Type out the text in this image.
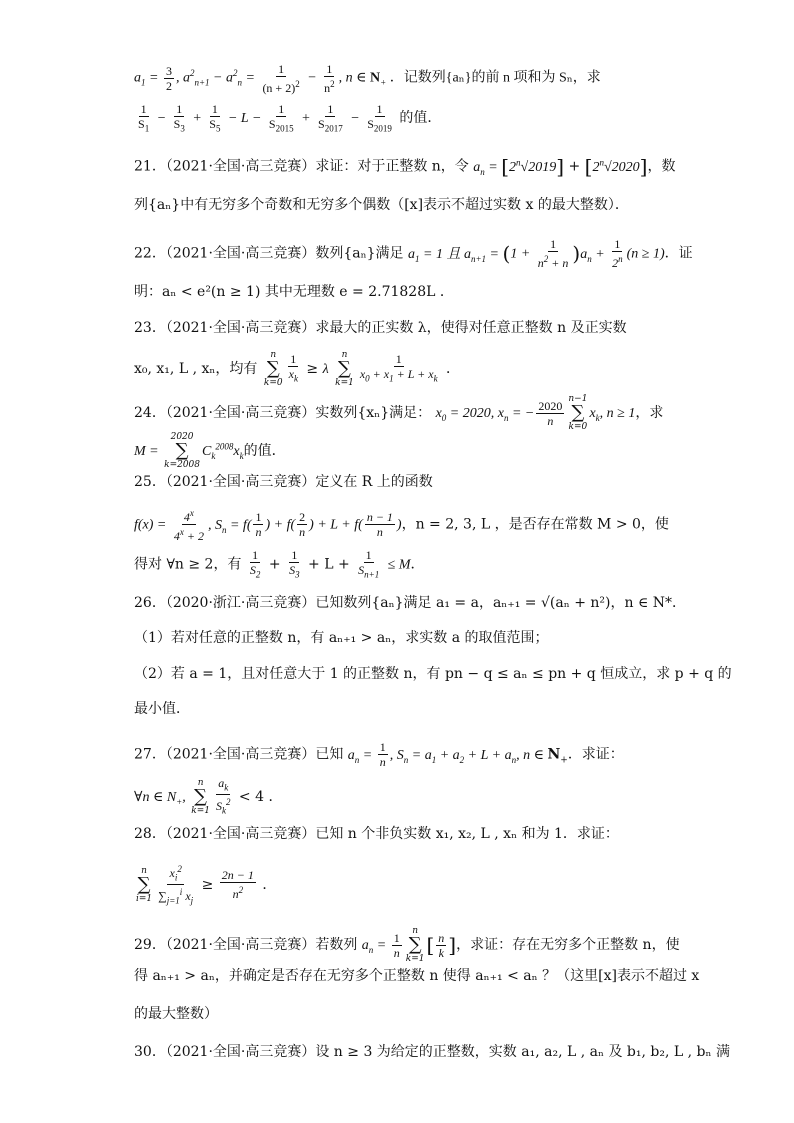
$a_1 = \frac{3}{2}$ , $a^2_{n+1} - a^2_n = \frac{1}{(n + 2)^2} - \frac{1}{n^2}$ , n ∈ $N_+$ ．记数列{aₙ}的前 n 项和为 Sₙ，求
$\frac{1}{S_1} - \frac{1}{S_3} + \frac{1}{S_5} - L - \frac{1}{S_{2015}} + \frac{1}{S_{2017}} - \frac{1}{S_{2019}}$ 的值．
21．（2021·全国·高三竞赛）求证：对于正整数 n，令 $a_n = [2^n√2019] + [2^n√2020]$，数
列{aₙ}中有无穷多个奇数和无穷多个偶数（[x]表示不超过实数 x 的最大整数）．
22．（2021·全国·高三竞赛）数列{aₙ}满足 $a_1 = 1$ 且 $a_{n+1} = (1 + \frac{1}{n^2 + n} )a_n + \frac{1}{2^n} (n \ge 1)$．证
明：aₙ < e²(n ≥ 1) 其中无理数 e = 2.71828L ．
23．（2021·全国·高三竞赛）求最大的正实数 λ，使得对任意正整数 n 及正实数
x₀, x₁, L , xₙ，均有
n
∑
$k=0 \frac{1}{x_k} \ge \lambda$
n
∑
$k=1 \frac{1}{x_0 + x_1 + L + x_k}$ ．
24．（2021·全国·高三竞赛）实数列{xₙ}满足： $x_0 = 2020$, $x_n$ = − $\frac{2020}{n} n-1$
∑
k=0
$x_k$, n ≥ 1，求
M =
2020
∑
k=2008
$C_k^{2008}x_k$的值．
25．（2021·全国·高三竞赛）定义在 R 上的函数
$f(x) = \frac{4^x}{4^x + 2}$ , $S_n = f( \frac{1}{n}$ ) + $f( \frac{2}{n}$ ) + $L + f( \frac{n - 1}{n}$ )，n = 2, 3, L ，是否存在常数 M > 0，使
得对 ∀n ≥ 2，有 $\frac{1}{S_2} + \frac{1}{S_3} + L + \frac{1}{S_{n+1}} \le M$．
26．（2020·浙江·高三竞赛）已知数列{aₙ}满足 a₁ = a，aₙ₊₁ = √(aₙ + n²)，n ∈ N*．
（1）若对任意的正整数 n，有 aₙ₊₁ > aₙ，求实数 a 的取值范围；
（2）若 a = 1，且对任意大于 1 的正整数 n，有 pn − q ≤ aₙ ≤ pn + q 恒成立，求 p + q 的
最小值．
27．（2021·全国·高三竞赛）已知 $a_n = \frac{1}{n}$ , $S_n = a_1 + a_2 + L + a_n$, n ∈ $N_+$．求证：
∀n ∈ $N_+$,
n
∑
$k=1 \frac{a_k}{S_k^2} < 4$ ．
28．（2021·全国·高三竞赛）已知 n 个非负实数 x₁, x₂, L , xₙ 和为 1．求证：
n
∑
$i=1 \frac{x_i^2}{\sum_{j=1}^i x_j} \ge \frac{2n - 1}{n^2}$ ．
29．（2021·全国·高三竞赛）若数列 $a_n = \frac{1}{n}$ n
∑
k=1
[ $\frac{n}{k}$ ]，求证：存在无穷多个正整数 n，使
得 aₙ₊₁ > aₙ，并确定是否存在无穷多个正整数 n 使得 aₙ₊₁ < aₙ ？（这里[x]表示不超过 x
的最大整数）
30．（2021·全国·高三竞赛）设 n ≥ 3 为给定的正整数，实数 a₁, a₂, L , aₙ 及 b₁, b₂, L , bₙ 满
